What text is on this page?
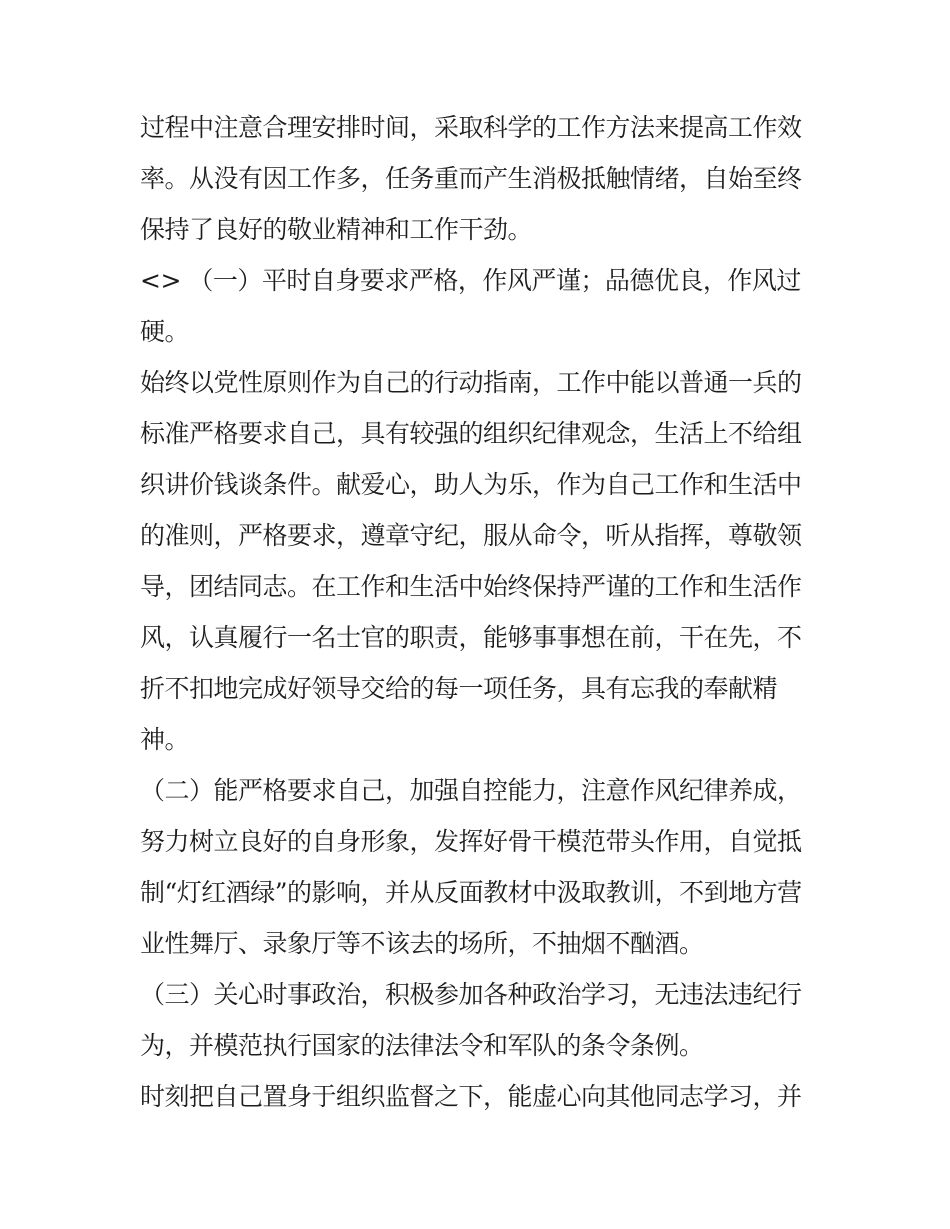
过程中注意合理安排时间，采取科学的工作方法来提高工作效
率。从没有因工作多，任务重而产生消极抵触情绪，自始至终
保持了良好的敬业精神和工作干劲。
<> （一）平时自身要求严格，作风严谨；品德优良，作风过
硬。
始终以党性原则作为自己的行动指南，工作中能以普通一兵的
标准严格要求自己，具有较强的组织纪律观念，生活上不给组
织讲价钱谈条件。献爱心，助人为乐，作为自己工作和生活中
的准则，严格要求，遵章守纪，服从命令，听从指挥，尊敬领
导，团结同志。在工作和生活中始终保持严谨的工作和生活作
风，认真履行一名士官的职责，能够事事想在前，干在先，不
折不扣地完成好领导交给的每一项任务，具有忘我的奉献精
神。
（二）能严格要求自己，加强自控能力，注意作风纪律养成，
努力树立良好的自身形象，发挥好骨干模范带头作用，自觉抵
制“灯红酒绿”的影响，并从反面教材中汲取教训，不到地方营
业性舞厅、录象厅等不该去的场所，不抽烟不酗酒。
（三）关心时事政治，积极参加各种政治学习，无违法违纪行
为，并模范执行国家的法律法令和军队的条令条例。
时刻把自己置身于组织监督之下，能虚心向其他同志学习，并
